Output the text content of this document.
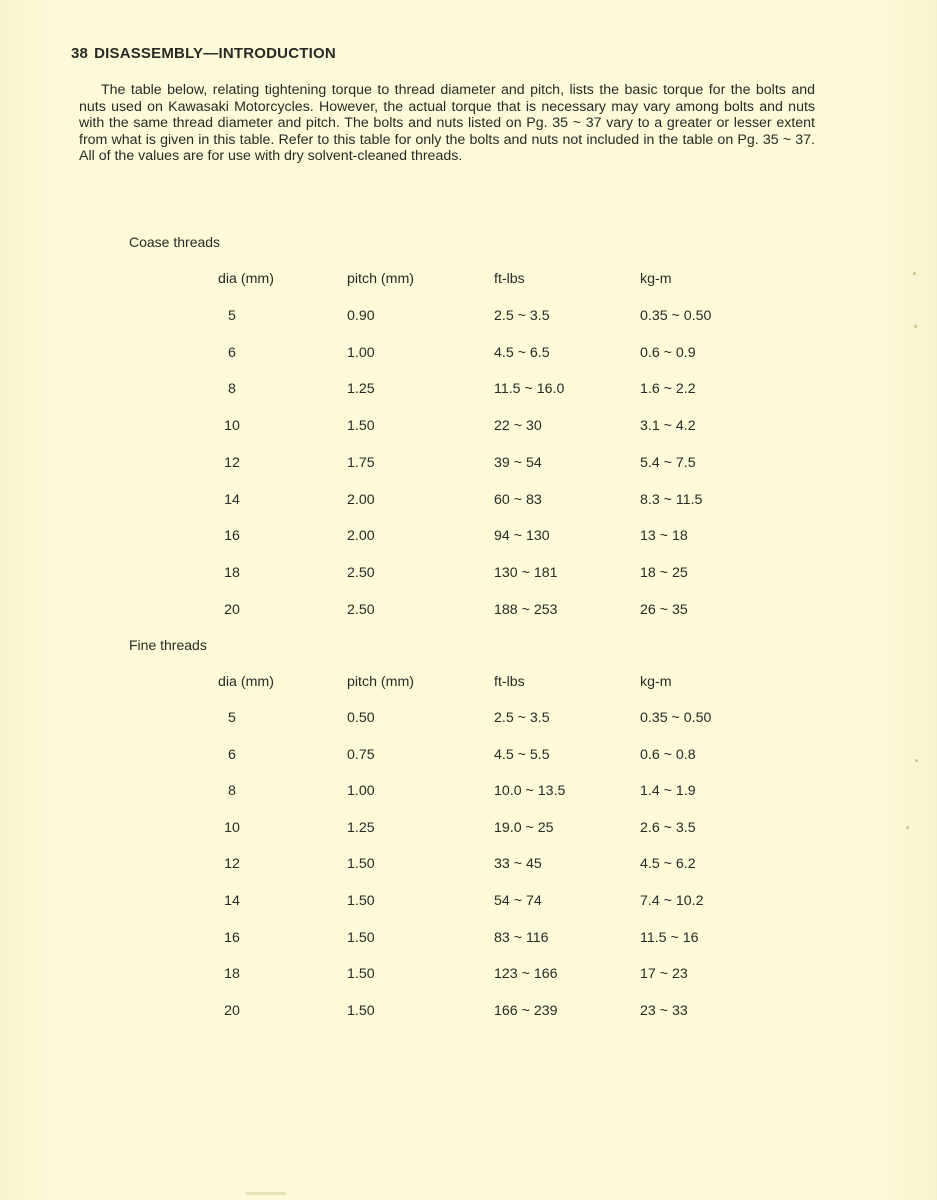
38 DISASSEMBLY—INTRODUCTION

The table below, relating tightening torque to thread diameter and pitch, lists the basic torque for the bolts and nuts used on Kawasaki Motorcycles. However, the actual torque that is necessary may vary among bolts and nuts with the same thread diameter and pitch. The bolts and nuts listed on Pg. 35 ~ 37 vary to a greater or lesser extent from what is given in this table. Refer to this table for only the bolts and nuts not included in the table on Pg. 35 ~ 37. All of the values are for use with dry solvent-cleaned threads.

Coase threads
dia (mm)	pitch (mm)	ft-lbs	kg-m
5	0.90	2.5 ~ 3.5	0.35 ~ 0.50
6	1.00	4.5 ~ 6.5	0.6 ~ 0.9
8	1.25	11.5 ~ 16.0	1.6 ~ 2.2
10	1.50	22 ~ 30	3.1 ~ 4.2
12	1.75	39 ~ 54	5.4 ~ 7.5
14	2.00	60 ~ 83	8.3 ~ 11.5
16	2.00	94 ~ 130	13 ~ 18
18	2.50	130 ~ 181	18 ~ 25
20	2.50	188 ~ 253	26 ~ 35
Fine threads
dia (mm)	pitch (mm)	ft-lbs	kg-m
5	0.50	2.5 ~ 3.5	0.35 ~ 0.50
6	0.75	4.5 ~ 5.5	0.6 ~ 0.8
8	1.00	10.0 ~ 13.5	1.4 ~ 1.9
10	1.25	19.0 ~ 25	2.6 ~ 3.5
12	1.50	33 ~ 45	4.5 ~ 6.2
14	1.50	54 ~ 74	7.4 ~ 10.2
16	1.50	83 ~ 116	11.5 ~ 16
18	1.50	123 ~ 166	17 ~ 23
20	1.50	166 ~ 239	23 ~ 33
